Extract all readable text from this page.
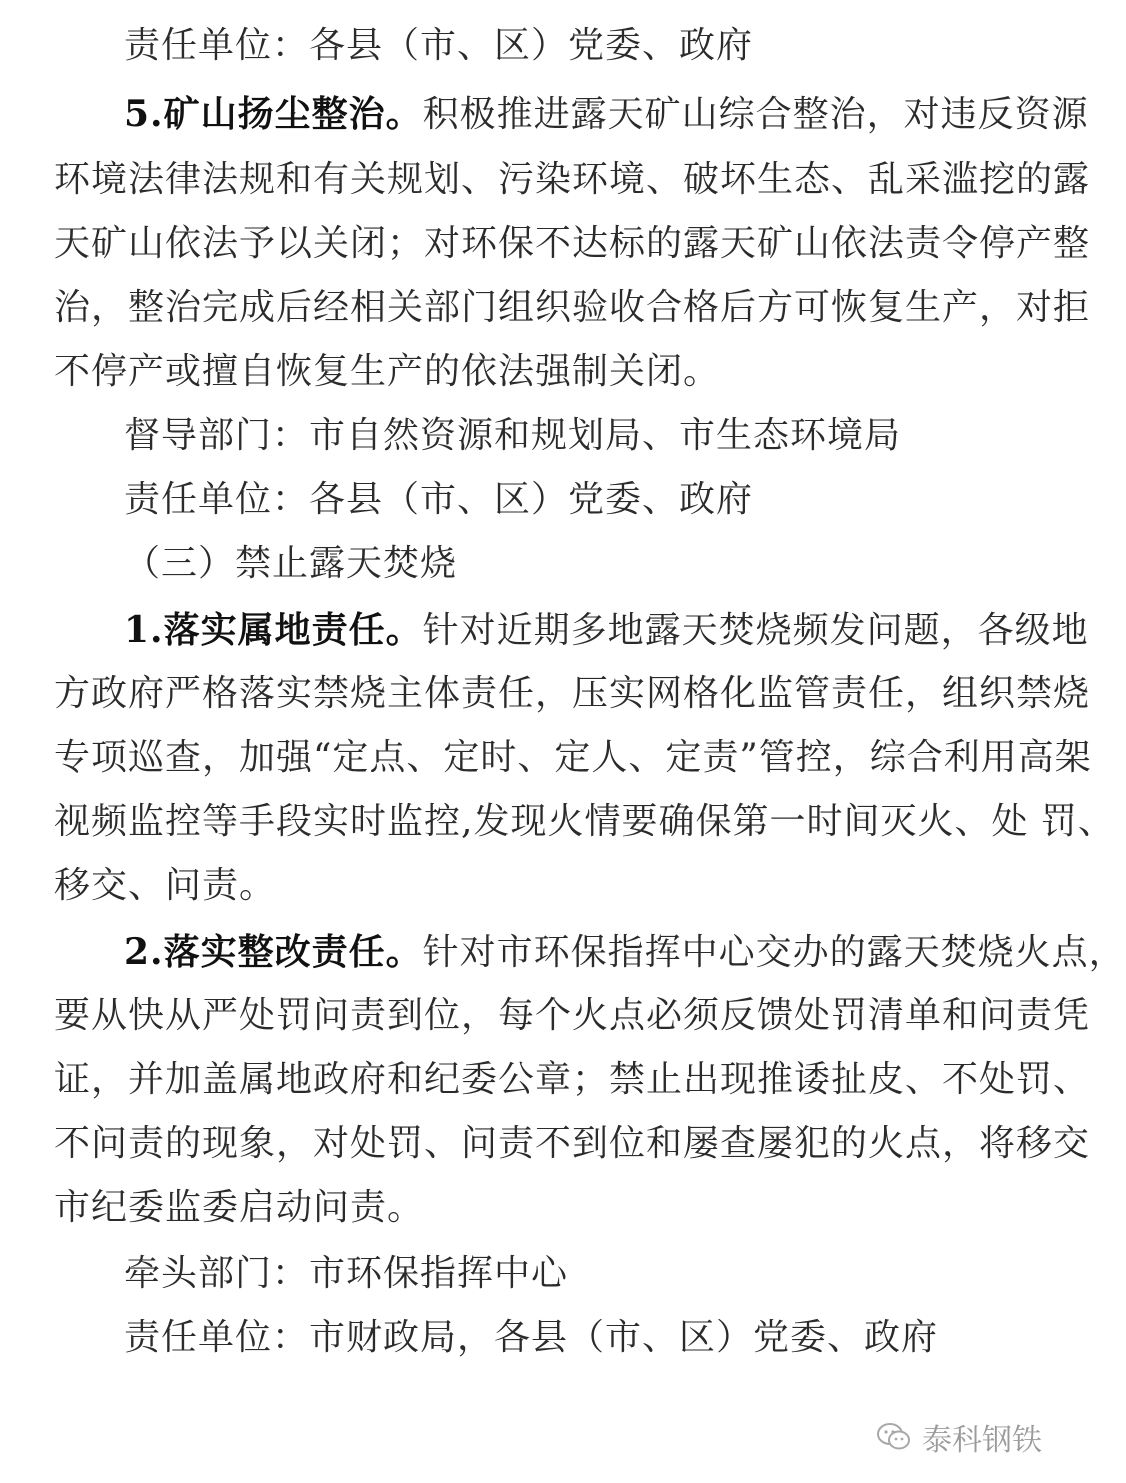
责任单位：各县（市、区）党委、政府
5.矿山扬尘整治。积极推进露天矿山综合整治，对违反资源
环境法律法规和有关规划、污染环境、破坏生态、乱采滥挖的露
天矿山依法予以关闭；对环保不达标的露天矿山依法责令停产整
治，整治完成后经相关部门组织验收合格后方可恢复生产，对拒
不停产或擅自恢复生产的依法强制关闭。
督导部门：市自然资源和规划局、市生态环境局
责任单位：各县（市、区）党委、政府
（三）禁止露天焚烧
1.落实属地责任。针对近期多地露天焚烧频发问题，各级地
方政府严格落实禁烧主体责任，压实网格化监管责任，组织禁烧
专项巡查，加强“定点、定时、定人、定责”管控，综合利用高架
视频监控等手段实时监控,发现火情要确保第一时间灭火、处 罚、
移交、问责。
2.落实整改责任。针对市环保指挥中心交办的露天焚烧火点，
要从快从严处罚问责到位，每个火点必须反馈处罚清单和问责凭
证，并加盖属地政府和纪委公章；禁止出现推诿扯皮、不处罚、
不问责的现象，对处罚、问责不到位和屡查屡犯的火点，将移交
市纪委监委启动问责。
牵头部门：市环保指挥中心
责任单位：市财政局，各县（市、区）党委、政府
泰科钢铁
